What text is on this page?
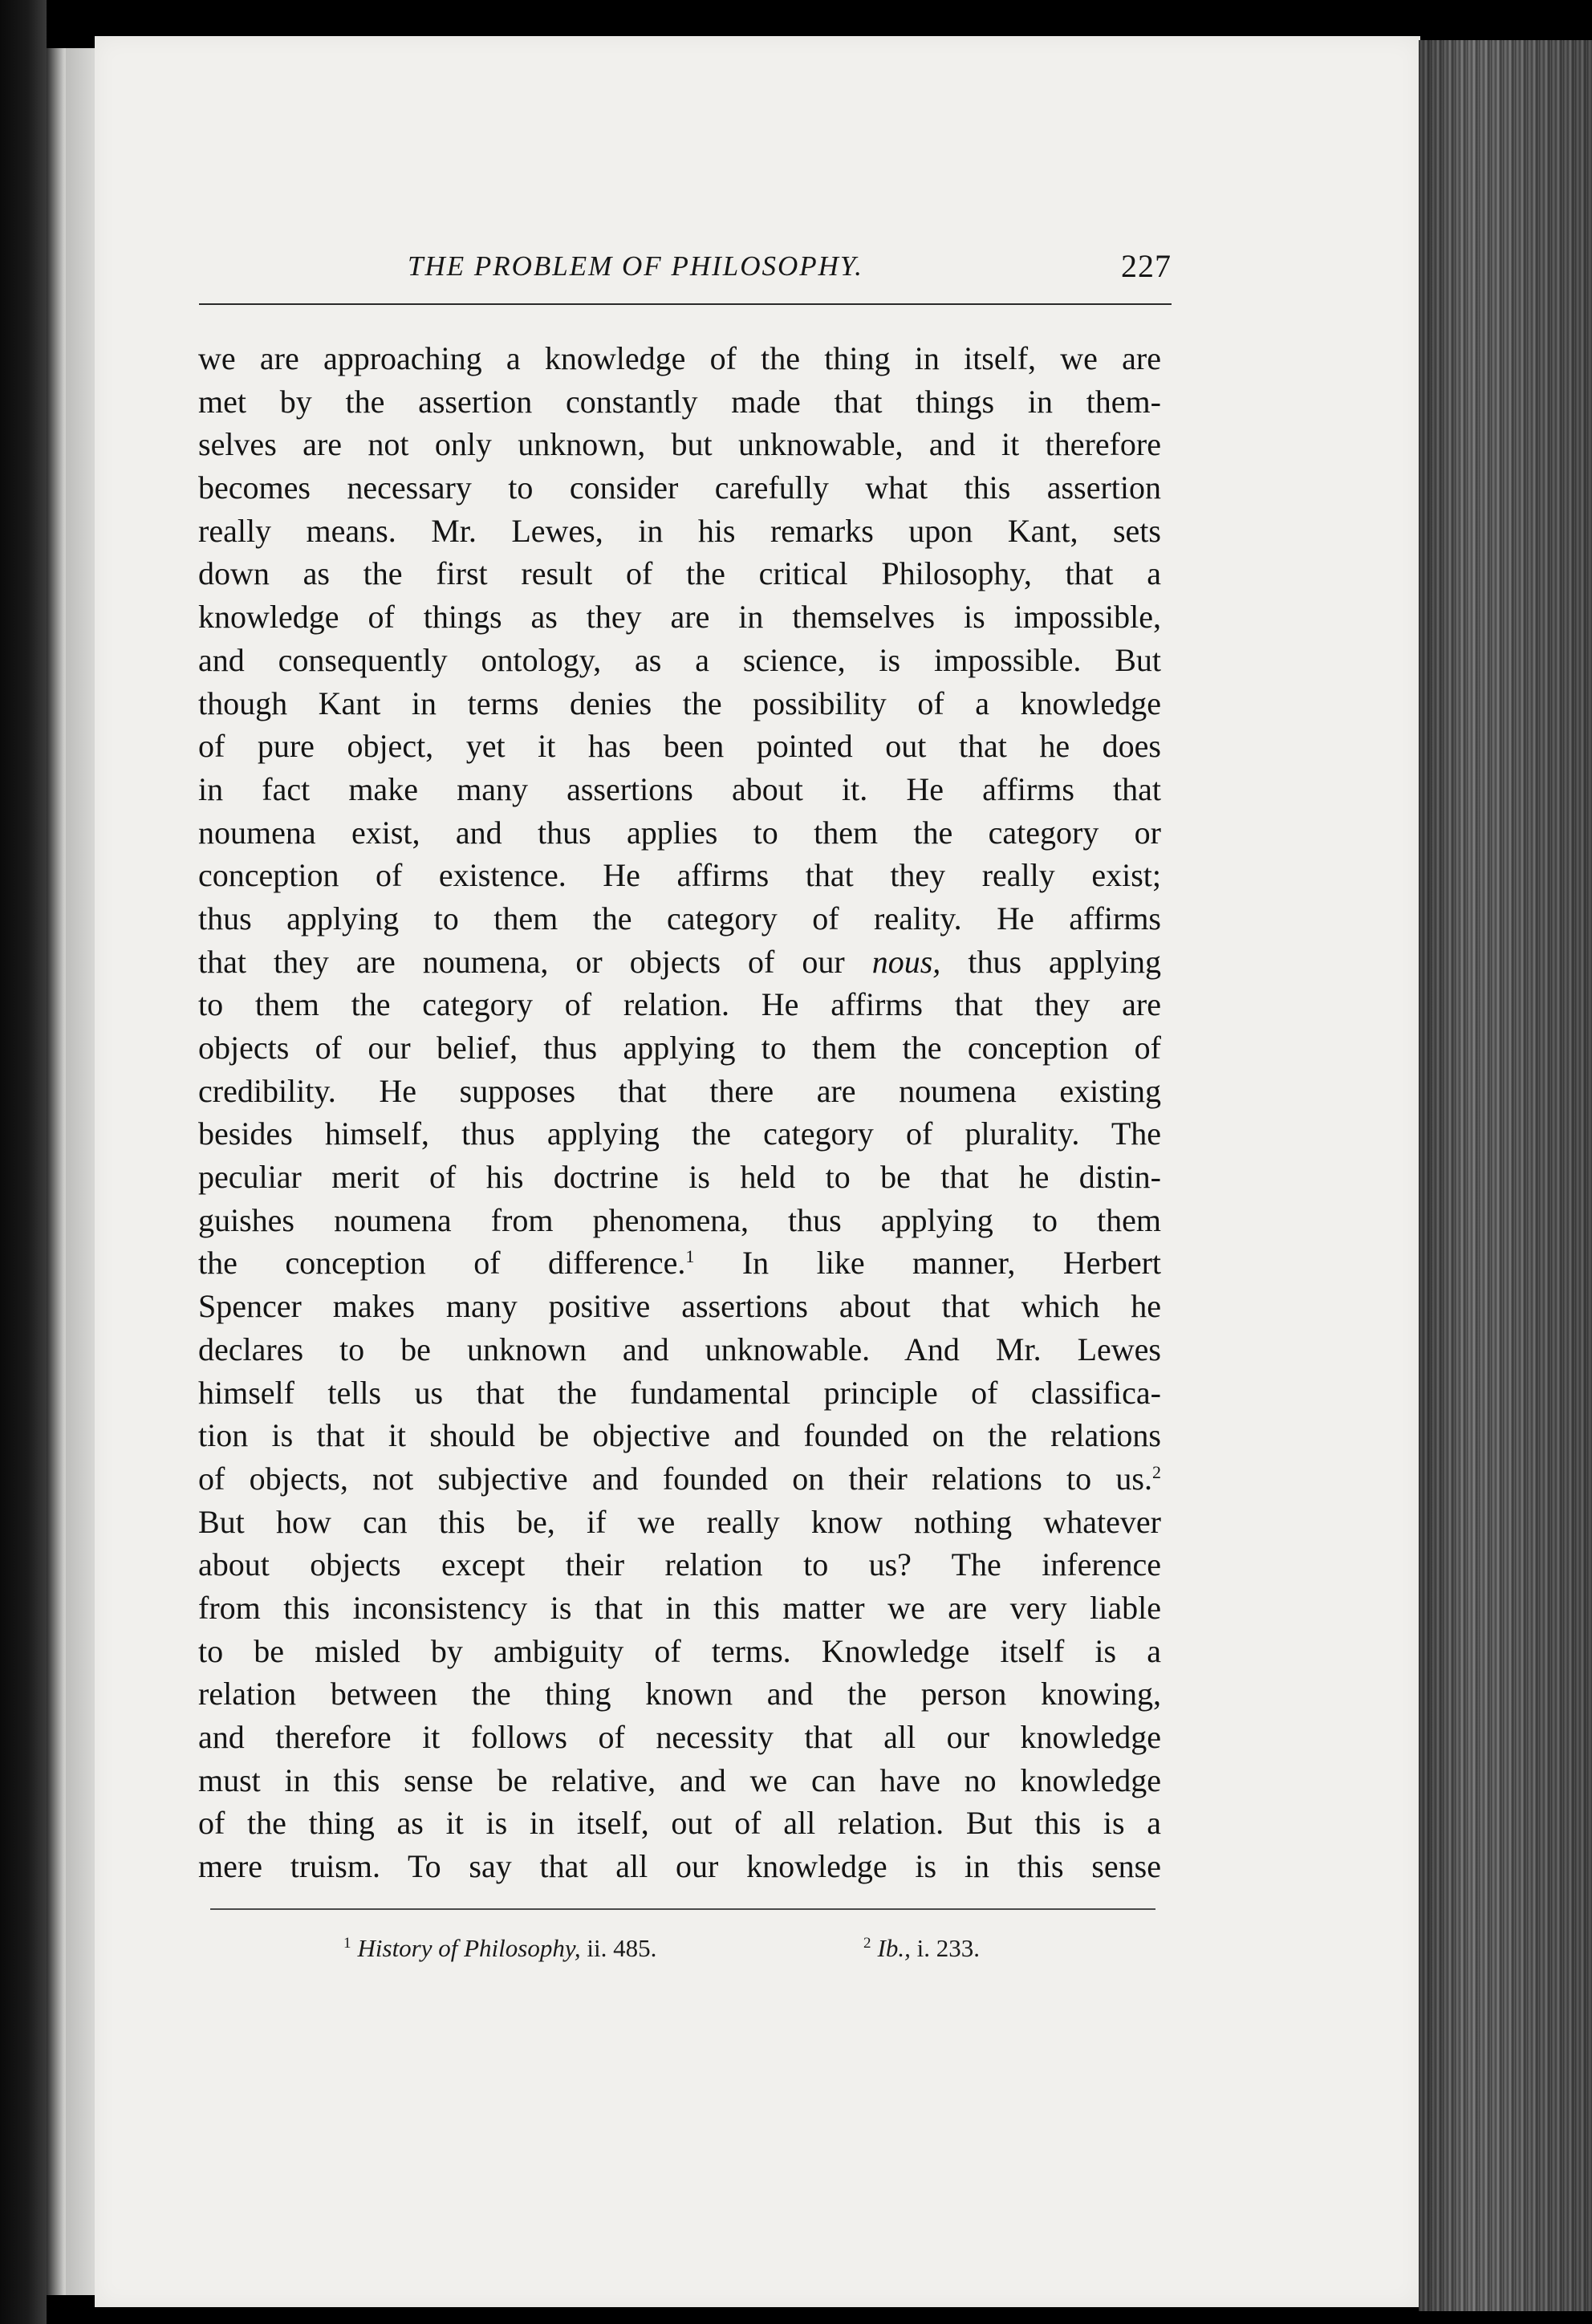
THE PROBLEM OF PHILOSOPHY.	227
we are approaching a knowledge of the thing in itself, we are
met by the assertion constantly made that things in them-
selves are not only unknown, but unknowable, and it therefore
becomes necessary to consider carefully what this assertion
really means. Mr. Lewes, in his remarks upon Kant, sets
down as the first result of the critical Philosophy, that a
knowledge of things as they are in themselves is impossible,
and consequently ontology, as a science, is impossible. But
though Kant in terms denies the possibility of a knowledge
of pure object, yet it has been pointed out that he does
in fact make many assertions about it. He affirms that
noumena exist, and thus applies to them the category or
conception of existence. He affirms that they really exist;
thus applying to them the category of reality. He affirms
that they are noumena, or objects of our nous, thus applying
to them the category of relation. He affirms that they are
objects of our belief, thus applying to them the conception of
credibility. He supposes that there are noumena existing
besides himself, thus applying the category of plurality. The
peculiar merit of his doctrine is held to be that he distin-
guishes noumena from phenomena, thus applying to them
the conception of difference.$^1$ In like manner, Herbert
Spencer makes many positive assertions about that which he
declares to be unknown and unknowable. And Mr. Lewes
himself tells us that the fundamental principle of classifica-
tion is that it should be objective and founded on the relations
of objects, not subjective and founded on their relations to us.$^2$
But how can this be, if we really know nothing whatever
about objects except their relation to us? The inference
from this inconsistency is that in this matter we are very liable
to be misled by ambiguity of terms. Knowledge itself is a
relation between the thing known and the person knowing,
and therefore it follows of necessity that all our knowledge
must in this sense be relative, and we can have no knowledge
of the thing as it is in itself, out of all relation. But this is a
mere truism. To say that all our knowledge is in this sense
$^1$ History of Philosophy, ii. 485.	$^2$ Ib., i. 233.
